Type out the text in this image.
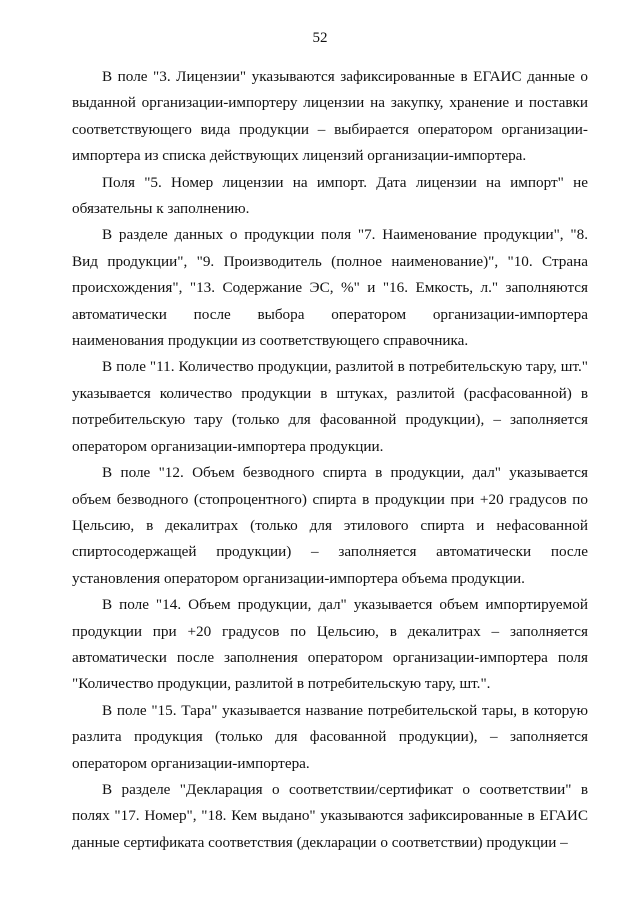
52

В поле "3. Лицензии" указываются зафиксированные в ЕГАИС данные о выданной организации-импортеру лицензии на закупку, хранение и поставки соответствующего вида продукции – выбирается оператором организации-импортера из списка действующих лицензий организации-импортера.

Поля "5. Номер лицензии на импорт. Дата лицензии на импорт" не обязательны к заполнению.

В разделе данных о продукции поля "7. Наименование продукции", "8. Вид продукции", "9. Производитель (полное наименование)", "10. Страна происхождения", "13. Содержание ЭС, %" и "16. Емкость, л." заполняются автоматически после выбора оператором организации-импортера наименования продукции из соответствующего справочника.

В поле "11. Количество продукции, разлитой в потребительскую тару, шт." указывается количество продукции в штуках, разлитой (расфасованной) в потребительскую тару (только для фасованной продукции), – заполняется оператором организации-импортера продукции.

В поле "12. Объем безводного спирта в продукции, дал" указывается объем безводного (стопроцентного) спирта в продукции при +20 градусов по Цельсию, в декалитрах (только для этилового спирта и нефасованной спиртосодержащей продукции) – заполняется автоматически после установления оператором организации-импортера объема продукции.

В поле "14. Объем продукции, дал" указывается объем импортируемой продукции при +20 градусов по Цельсию, в декалитрах – заполняется автоматически после заполнения оператором организации-импортера поля "Количество продукции, разлитой в потребительскую тару, шт.".

В поле "15. Тара" указывается название потребительской тары, в которую разлита продукция (только для фасованной продукции), – заполняется оператором организации-импортера.

В разделе "Декларация о соответствии/сертификат о соответствии" в полях "17. Номер", "18. Кем выдано" указываются зафиксированные в ЕГАИС данные сертификата соответствия (декларации о соответствии) продукции –
